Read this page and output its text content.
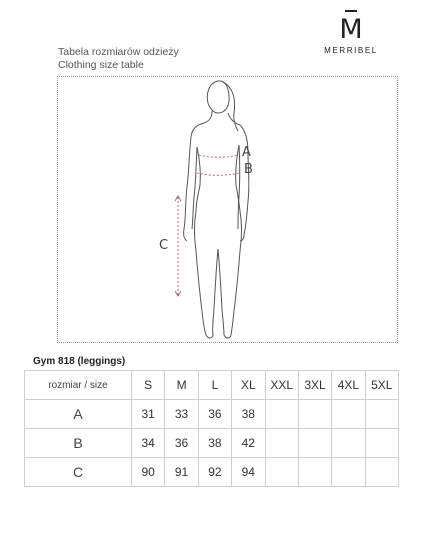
M
MERRIBEL
Tabela rozmiarów odzieży
Clothing size table
A
B
C
Gym 818 (leggings)
rozmiar / size	S	M	L	XL	XXL	3XL	4XL	5XL
A	31	33	36	38				
B	34	36	38	42				
C	90	91	92	94				
